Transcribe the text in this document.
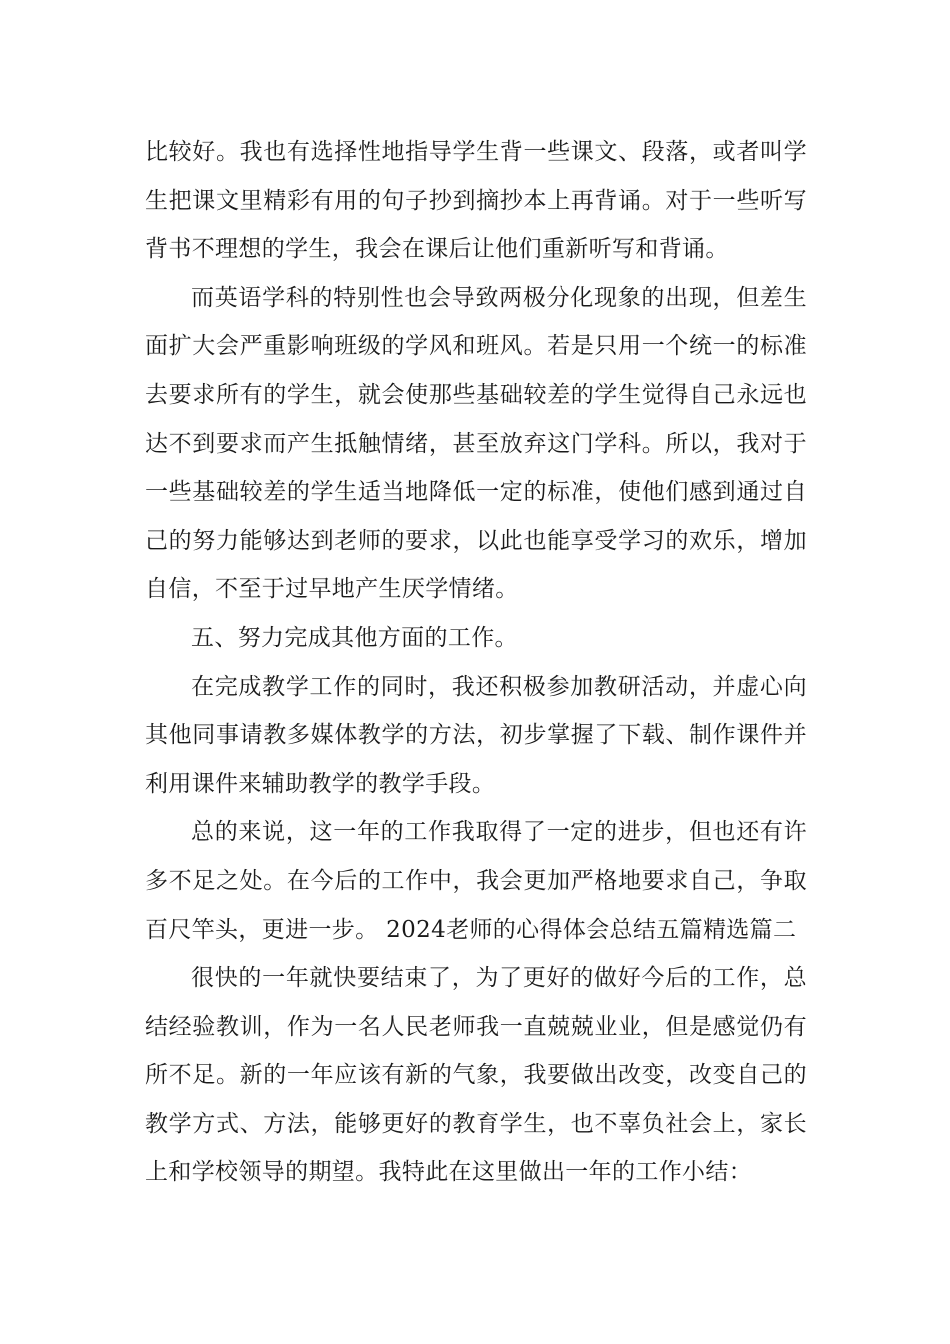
比较好。我也有选择性地指导学生背一些课文、段落，或者叫学生把课文里精彩有用的句子抄到摘抄本上再背诵。对于一些听写背书不理想的学生，我会在课后让他们重新听写和背诵。

而英语学科的特别性也会导致两极分化现象的出现，但差生面扩大会严重影响班级的学风和班风。若是只用一个统一的标准去要求所有的学生，就会使那些基础较差的学生觉得自己永远也达不到要求而产生抵触情绪，甚至放弃这门学科。所以，我对于一些基础较差的学生适当地降低一定的标准，使他们感到通过自己的努力能够达到老师的要求，以此也能享受学习的欢乐，增加自信，不至于过早地产生厌学情绪。

五、努力完成其他方面的工作。

在完成教学工作的同时，我还积极参加教研活动，并虚心向其他同事请教多媒体教学的方法，初步掌握了下载、制作课件并利用课件来辅助教学的教学手段。

总的来说，这一年的工作我取得了一定的进步，但也还有许多不足之处。在今后的工作中，我会更加严格地要求自己，争取百尺竿头，更进一步。 2024老师的心得体会总结五篇精选篇二

很快的一年就快要结束了，为了更好的做好今后的工作，总结经验教训，作为一名人民老师我一直兢兢业业，但是感觉仍有所不足。新的一年应该有新的气象，我要做出改变，改变自己的教学方式、方法，能够更好的教育学生，也不辜负社会上，家长上和学校领导的期望。我特此在这里做出一年的工作小结：
